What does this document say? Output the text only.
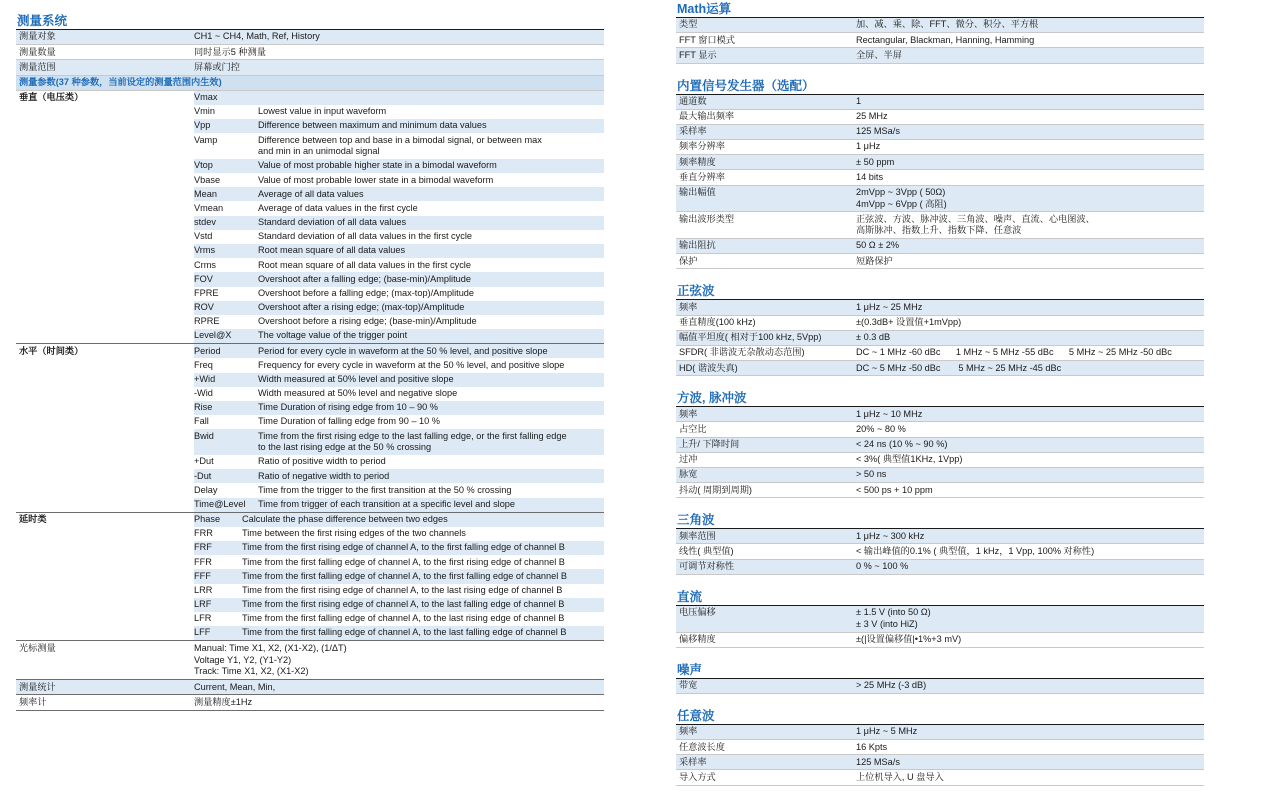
测量系统
测量对象	CH1 ~ CH4, Math, Ref, History
测量数量	同时显示5 种测量
测量范围	屏幕或门控
测量参数(37 种参数，当前设定的测量范围内生效)
垂直（电压类）	Vmax
Vmin	Lowest value in input waveform
Vpp	Difference between maximum and minimum data values
Vamp	Difference between top and base in a bimodal signal, or between max
and min in an unimodal signal
Vtop	Value of most probable higher state in a bimodal waveform
Vbase	Value of most probable lower state in a bimodal waveform
Mean	Average of all data values
Vmean	Average of data values in the first cycle
stdev	Standard deviation of all data values
Vstd	Standard deviation of all data values in the first cycle
Vrms	Root mean square of all data values
Crms	Root mean square of all data values in the first cycle
FOV	Overshoot after a falling edge; (base-min)/Amplitude
FPRE	Overshoot before a falling edge; (max-top)/Amplitude
ROV	Overshoot after a rising edge; (max-top)/Amplitude
RPRE	Overshoot before a rising edge; (base-min)/Amplitude
Level@X	The voltage value of the trigger point
水平（时间类）	Period	Period for every cycle in waveform at the 50 % level, and positive slope
Freq	Frequency for every cycle in waveform at the 50 % level, and positive slope
+Wid	Width measured at 50% level and positive slope
-Wid	Width measured at 50% level and negative slope
Rise	Time Duration of rising edge from 10 – 90 %
Fall	Time Duration of falling edge from 90 – 10 %
Bwid	Time from the first rising edge to the last falling edge, or the first falling edge
to the last rising edge at the 50 % crossing
+Dut	Ratio of positive width to period
-Dut	Ratio of negative width to period
Delay	Time from the trigger to the first transition at the 50 % crossing
Time@Level	Time from trigger of each transition at a specific level and slope
延时类	Phase	Calculate the phase difference between two edges
FRR	Time between the first rising edges of the two channels
FRF	Time from the first rising edge of channel A, to the first falling edge of channel B
FFR	Time from the first falling edge of channel A, to the first rising edge of channel B
FFF	Time from the first falling edge of channel A, to the first falling edge of channel B
LRR	Time from the first rising edge of channel A, to the last rising edge of channel B
LRF	Time from the first rising edge of channel A, to the last falling edge of channel B
LFR	Time from the first falling edge of channel A, to the last rising edge of channel B
LFF	Time from the first falling edge of channel A, to the last falling edge of channel B
光标测量	Manual: Time X1, X2, (X1-X2), (1/ΔT)
Voltage Y1, Y2, (Y1-Y2)
Track: Time X1, X2, (X1-X2)
测量统计	Current, Mean, Min,
频率计	测量精度±1Hz
Math运算
类型	加、减、乘、除、FFT、微分、积分、平方根
FFT 窗口模式	Rectangular, Blackman, Hanning, Hamming
FFT 显示	全屏、半屏
内置信号发生器（选配）
通道数	1
最大输出频率	25 MHz
采样率	125 MSa/s
频率分辨率	1 μHz
频率精度	± 50 ppm
垂直分辨率	14 bits
输出幅值	2mVpp ~ 3Vpp ( 50Ω)
4mVpp ~ 6Vpp ( 高阻)
输出波形类型	正弦波、方波、脉冲波、三角波、噪声、直流、心电图波、
高斯脉冲、指数上升、指数下降、任意波
输出阻抗	50 Ω ± 2%
保护	短路保护
正弦波
频率	1 μHz ~ 25 MHz
垂直精度(100 kHz)	±(0.3dB+ 设置值+1mVpp)
幅值平坦度( 相对于100 kHz, 5Vpp)	± 0.3 dB
SFDR( 非谐波无杂散动态范围)	DC ~ 1 MHz -60 dBc      1 MHz ~ 5 MHz -55 dBc      5 MHz ~ 25 MHz -50 dBc
HD( 谐波失真)	DC ~ 5 MHz -50 dBc       5 MHz ~ 25 MHz -45 dBc
方波, 脉冲波
频率	1 μHz ~ 10 MHz
占空比	20% ~ 80 %
上升/ 下降时间	< 24 ns (10 % ~ 90 %)
过冲	< 3%( 典型值1KHz, 1Vpp)
脉宽	> 50 ns
抖动( 周期到周期)	< 500 ps + 10 ppm
三角波
频率范围	1 μHz ~ 300 kHz
线性( 典型值)	< 输出峰值的0.1% ( 典型值，1 kHz，1 Vpp, 100% 对称性)
可调节对称性	0 % ~ 100 %
直流
电压偏移	± 1.5 V (into 50 Ω)
± 3 V (into HiZ)
偏移精度	±(|设置偏移值|•1%+3 mV)
噪声
带宽	> 25 MHz (-3 dB)
任意波
频率	1 μHz ~ 5 MHz
任意波长度	16 Kpts
采样率	125 MSa/s
导入方式	上位机导入, U 盘导入
